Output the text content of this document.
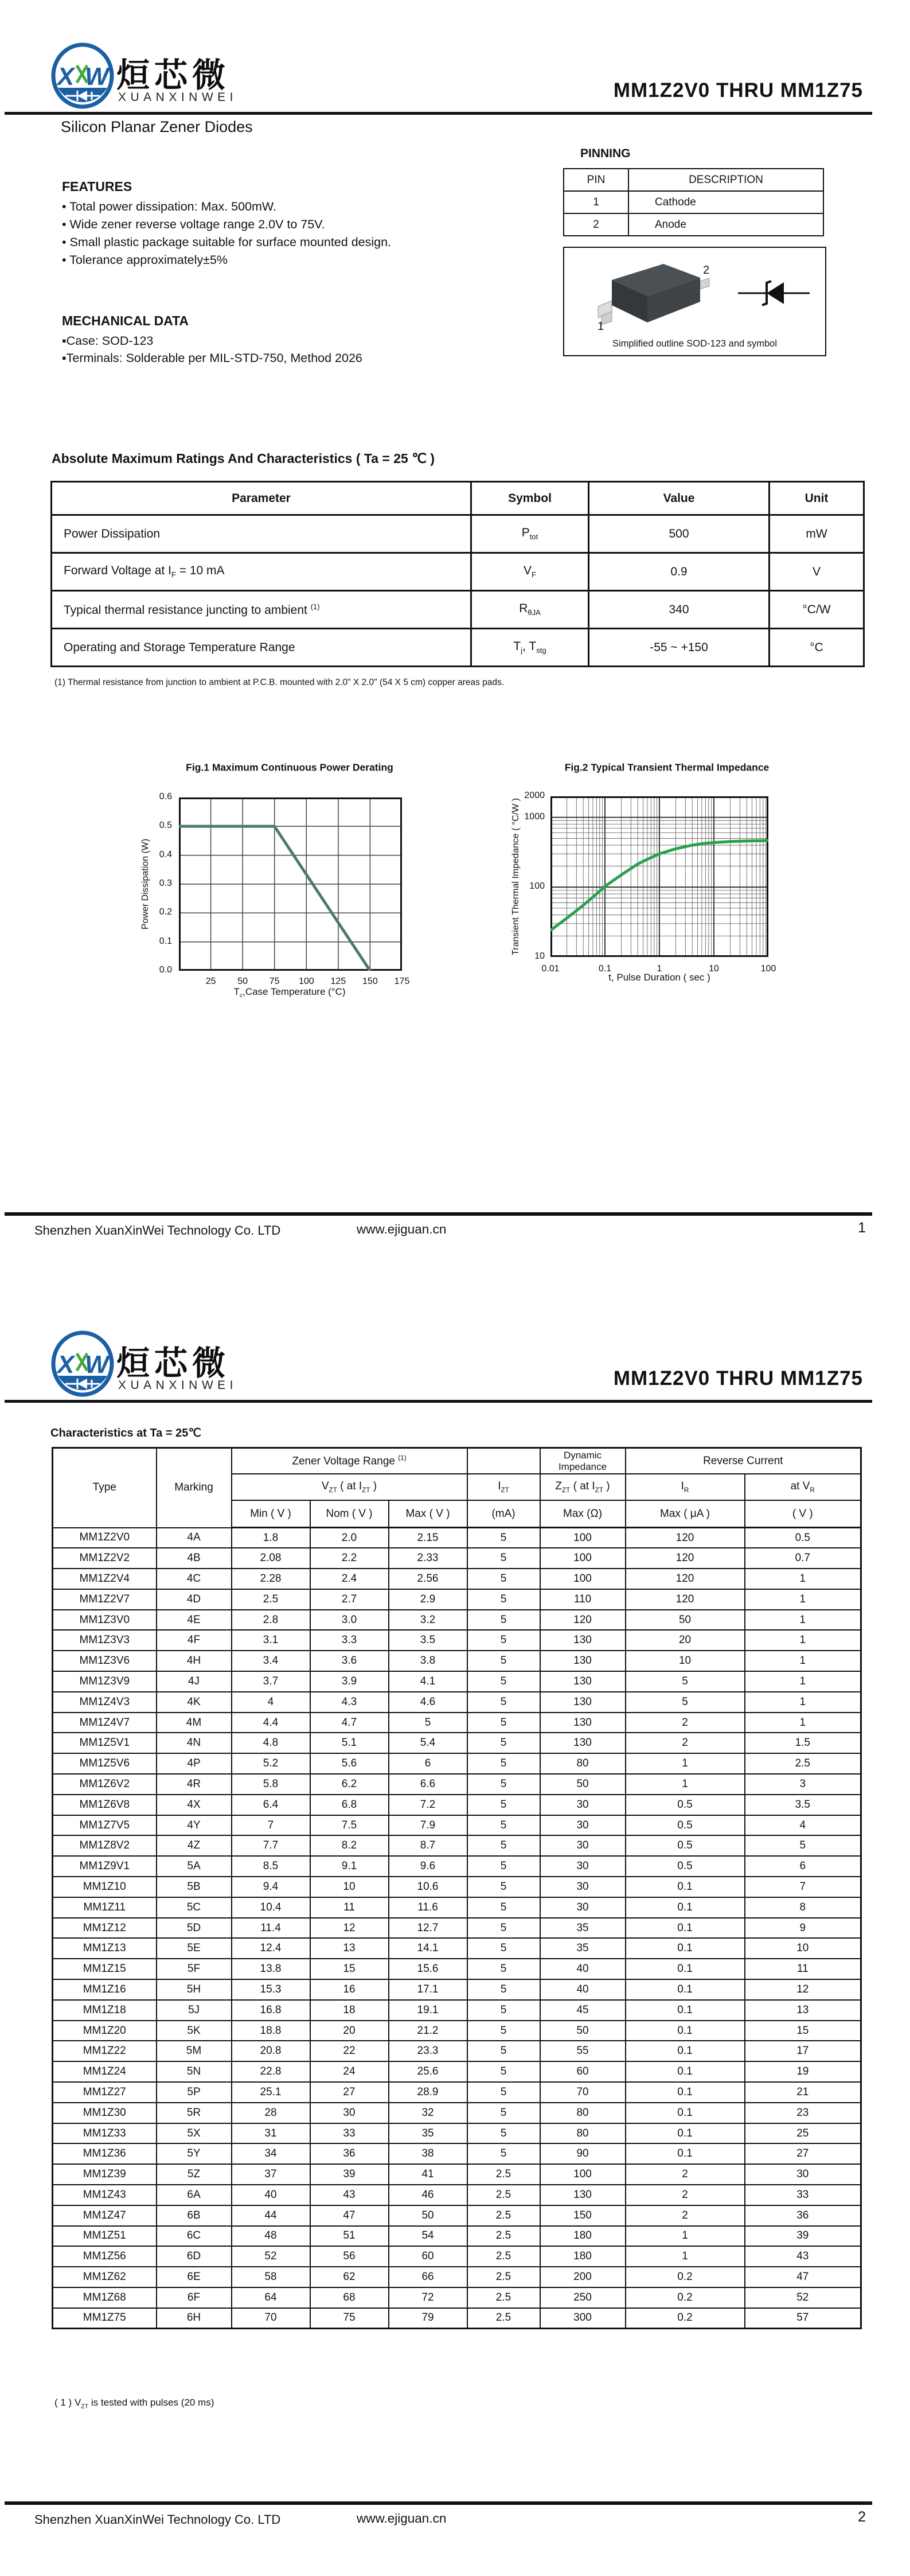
X W 烜芯微
XUANXINWEI	MM1Z2V0 THRU MM1Z75
Silicon Planar Zener Diodes
FEATURES
• Total power dissipation: Max. 500mW.
• Wide zener reverse voltage range 2.0V to 75V.
• Small plastic package suitable for surface mounted design.
• Tolerance approximately±5%
MECHANICAL DATA
▪Case: SOD-123
▪Terminals: Solderable per MIL-STD-750, Method 2026
PINNING
PIN	DESCRIPTION
1	Cathode
2	Anode
2
1
Simplified outline SOD-123 and symbol
Absolute Maximum Ratings And Characteristics ( Ta = 25 ℃ )
Parameter	Symbol	Value	Unit
Power Dissipation	$P_{tot}$	500	mW
Forward Voltage at $I_F = 10$ mA	$V_F$	0.9	V
Typical thermal resistance juncting to ambient $^{(1)}$	$R_{\theta JA}$	340	°C/W
Operating and Storage Temperature Range	$T_j$, $T_{stg}$	-55 ~ +150	°C
(1) Thermal resistance from junction to ambient at P.C.B. mounted with 2.0" X 2.0" (54 X 5 cm) copper areas pads.
Fig.1 Maximum Continuous Power Derating
Power Dissipation (W)
$T_c,Case$ Temperature (°C)
Fig.2 Typical Transient Thermal Impedance
Transient Thermal Impedance ( °C/W )
t, Pulse Duration ( sec )
Shenzhen XuanXinWei Technology Co. LTD	www.ejiguan.cn	1
0.0
0.1
0.2
0.3
0.4
0.5
0.6
25	50	75	100	125	150	175
10
100
1000
2000
0.01	0.1	1	10	100
X W 烜芯微
XUANXINWEI	MM1Z2V0 THRU MM1Z75
Characteristics at Ta = 25℃
Type	Marking	Zener Voltage Range $^{(1)}$				Dynamic Impedance	Reverse Current	
		$V_{ZT}$ ( at $I_{ZT}$ )			$I_{ZT}$	$Z_{ZT}$ ( at $I_{ZT}$ )	$I_R$	at $V_R$
		Min ( V )	Nom ( V )	Max ( V )	(mA)	Max (Ω)	Max ( μA )	( V )
MM1Z2V0	4A	1.8	2.0	2.15	5	100	120	0.5
MM1Z2V2	4B	2.08	2.2	2.33	5	100	120	0.7
MM1Z2V4	4C	2.28	2.4	2.56	5	100	120	1
MM1Z2V7	4D	2.5	2.7	2.9	5	110	120	1
MM1Z3V0	4E	2.8	3.0	3.2	5	120	50	1
MM1Z3V3	4F	3.1	3.3	3.5	5	130	20	1
MM1Z3V6	4H	3.4	3.6	3.8	5	130	10	1
MM1Z3V9	4J	3.7	3.9	4.1	5	130	5	1
MM1Z4V3	4K	4	4.3	4.6	5	130	5	1
MM1Z4V7	4M	4.4	4.7	5	5	130	2	1
MM1Z5V1	4N	4.8	5.1	5.4	5	130	2	1.5
MM1Z5V6	4P	5.2	5.6	6	5	80	1	2.5
MM1Z6V2	4R	5.8	6.2	6.6	5	50	1	3
MM1Z6V8	4X	6.4	6.8	7.2	5	30	0.5	3.5
MM1Z7V5	4Y	7	7.5	7.9	5	30	0.5	4
MM1Z8V2	4Z	7.7	8.2	8.7	5	30	0.5	5
MM1Z9V1	5A	8.5	9.1	9.6	5	30	0.5	6
MM1Z10	5B	9.4	10	10.6	5	30	0.1	7
MM1Z11	5C	10.4	11	11.6	5	30	0.1	8
MM1Z12	5D	11.4	12	12.7	5	35	0.1	9
MM1Z13	5E	12.4	13	14.1	5	35	0.1	10
MM1Z15	5F	13.8	15	15.6	5	40	0.1	11
MM1Z16	5H	15.3	16	17.1	5	40	0.1	12
MM1Z18	5J	16.8	18	19.1	5	45	0.1	13
MM1Z20	5K	18.8	20	21.2	5	50	0.1	15
MM1Z22	5M	20.8	22	23.3	5	55	0.1	17
MM1Z24	5N	22.8	24	25.6	5	60	0.1	19
MM1Z27	5P	25.1	27	28.9	5	70	0.1	21
MM1Z30	5R	28	30	32	5	80	0.1	23
MM1Z33	5X	31	33	35	5	80	0.1	25
MM1Z36	5Y	34	36	38	5	90	0.1	27
MM1Z39	5Z	37	39	41	2.5	100	2	30
MM1Z43	6A	40	43	46	2.5	130	2	33
MM1Z47	6B	44	47	50	2.5	150	2	36
MM1Z51	6C	48	51	54	2.5	180	1	39
MM1Z56	6D	52	56	60	2.5	180	1	43
MM1Z62	6E	58	62	66	2.5	200	0.2	47
MM1Z68	6F	64	68	72	2.5	250	0.2	52
MM1Z75	6H	70	75	79	2.5	300	0.2	57
( 1 ) $V_{ZT}$ is tested with pulses (20 ms)
Shenzhen XuanXinWei Technology Co. LTD	www.ejiguan.cn	2
